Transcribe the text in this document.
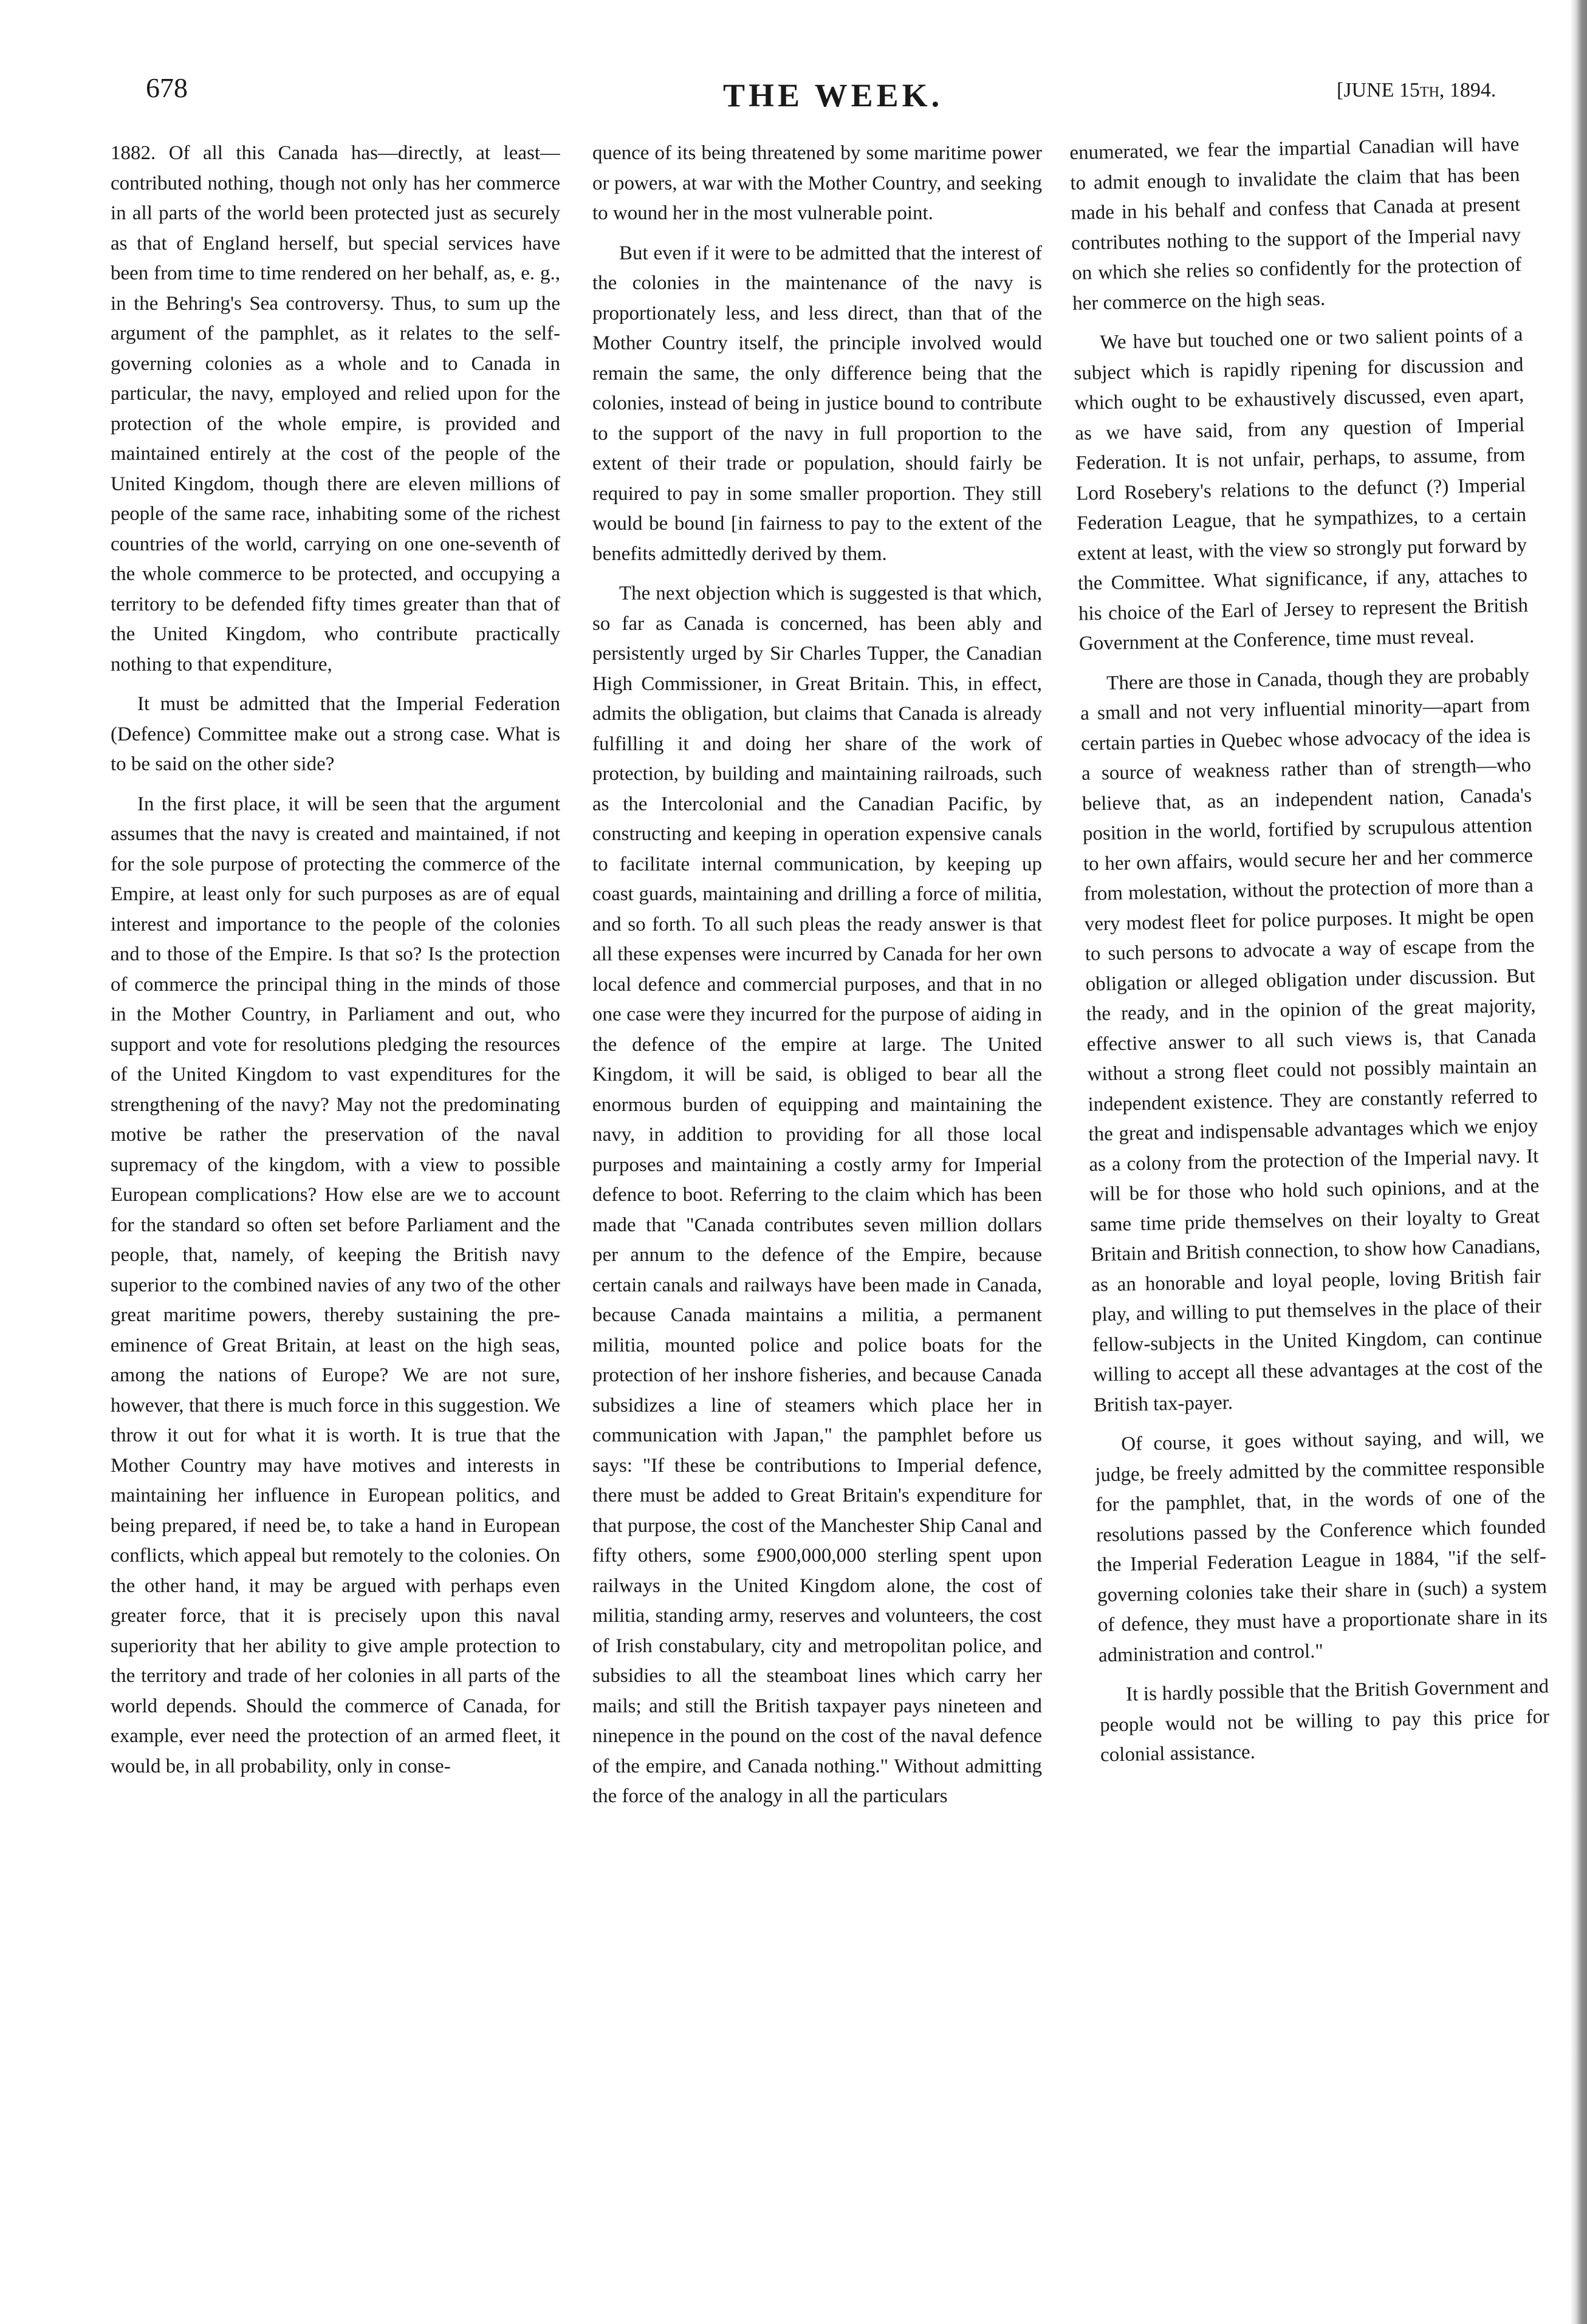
678	THE WEEK.	[JUNE 15th, 1894.

1882. Of all this Canada has—directly, at least—contributed nothing, though not only has her commerce in all parts of the world been protected just as securely as that of England herself, but special services have been from time to time rendered on her behalf, as, e. g., in the Behring's Sea controversy. Thus, to sum up the argument of the pamphlet, as it relates to the self-governing colonies as a whole and to Canada in particular, the navy, employed and relied upon for the protection of the whole empire, is provided and maintained entirely at the cost of the people of the United Kingdom, though there are eleven millions of people of the same race, inhabiting some of the richest countries of the world, carrying on one one-seventh of the whole commerce to be protected, and occupying a territory to be defended fifty times greater than that of the United Kingdom, who contribute practically nothing to that expenditure,

It must be admitted that the Imperial Federation (Defence) Committee make out a strong case. What is to be said on the other side?

In the first place, it will be seen that the argument assumes that the navy is created and maintained, if not for the sole purpose of protecting the commerce of the Empire, at least only for such purposes as are of equal interest and importance to the people of the colonies and to those of the Empire. Is that so? Is the protection of commerce the principal thing in the minds of those in the Mother Country, in Parliament and out, who support and vote for resolutions pledging the resources of the United Kingdom to vast expenditures for the strengthening of the navy? May not the predominating motive be rather the preservation of the naval supremacy of the kingdom, with a view to possible European complications? How else are we to account for the standard so often set before Parliament and the people, that, namely, of keeping the British navy superior to the combined navies of any two of the other great maritime powers, thereby sustaining the pre-eminence of Great Britain, at least on the high seas, among the nations of Europe? We are not sure, however, that there is much force in this suggestion. We throw it out for what it is worth. It is true that the Mother Country may have motives and interests in maintaining her influence in European politics, and being prepared, if need be, to take a hand in European conflicts, which appeal but remotely to the colonies. On the other hand, it may be argued with perhaps even greater force, that it is precisely upon this naval superiority that her ability to give ample protection to the territory and trade of her colonies in all parts of the world depends. Should the commerce of Canada, for example, ever need the protection of an armed fleet, it would be, in all probability, only in conse-

quence of its being threatened by some maritime power or powers, at war with the Mother Country, and seeking to wound her in the most vulnerable point.

But even if it were to be admitted that the interest of the colonies in the maintenance of the navy is proportionately less, and less direct, than that of the Mother Country itself, the principle involved would remain the same, the only difference being that the colonies, instead of being in justice bound to contribute to the support of the navy in full proportion to the extent of their trade or population, should fairly be required to pay in some smaller proportion. They still would be bound [in fairness to pay to the extent of the benefits admittedly derived by them.

The next objection which is suggested is that which, so far as Canada is concerned, has been ably and persistently urged by Sir Charles Tupper, the Canadian High Commissioner, in Great Britain. This, in effect, admits the obligation, but claims that Canada is already fulfilling it and doing her share of the work of protection, by building and maintaining railroads, such as the Intercolonial and the Canadian Pacific, by constructing and keeping in operation expensive canals to facilitate internal communication, by keeping up coast guards, maintaining and drilling a force of militia, and so forth. To all such pleas the ready answer is that all these expenses were incurred by Canada for her own local defence and commercial purposes, and that in no one case were they incurred for the purpose of aiding in the defence of the empire at large. The United Kingdom, it will be said, is obliged to bear all the enormous burden of equipping and maintaining the navy, in addition to providing for all those local purposes and maintaining a costly army for Imperial defence to boot. Referring to the claim which has been made that "Canada contributes seven million dollars per annum to the defence of the Empire, because certain canals and railways have been made in Canada, because Canada maintains a militia, a permanent militia, mounted police and police boats for the protection of her inshore fisheries, and because Canada subsidizes a line of steamers which place her in communication with Japan," the pamphlet before us says: "If these be contributions to Imperial defence, there must be added to Great Britain's expenditure for that purpose, the cost of the Manchester Ship Canal and fifty others, some £900,000,000 sterling spent upon railways in the United Kingdom alone, the cost of militia, standing army, reserves and volunteers, the cost of Irish constabulary, city and metropolitan police, and subsidies to all the steamboat lines which carry her mails; and still the British taxpayer pays nineteen and ninepence in the pound on the cost of the naval defence of the empire, and Canada nothing." Without admitting the force of the analogy in all the particulars

enumerated, we fear the impartial Canadian will have to admit enough to invalidate the claim that has been made in his behalf and confess that Canada at present contributes nothing to the support of the Imperial navy on which she relies so confidently for the protection of her commerce on the high seas.

We have but touched one or two salient points of a subject which is rapidly ripening for discussion and which ought to be exhaustively discussed, even apart, as we have said, from any question of Imperial Federation. It is not unfair, perhaps, to assume, from Lord Rosebery's relations to the defunct (?) Imperial Federation League, that he sympathizes, to a certain extent at least, with the view so strongly put forward by the Committee. What significance, if any, attaches to his choice of the Earl of Jersey to represent the British Government at the Conference, time must reveal.

There are those in Canada, though they are probably a small and not very influential minority—apart from certain parties in Quebec whose advocacy of the idea is a source of weakness rather than of strength—who believe that, as an independent nation, Canada's position in the world, fortified by scrupulous attention to her own affairs, would secure her and her commerce from molestation, without the protection of more than a very modest fleet for police purposes. It might be open to such persons to advocate a way of escape from the obligation or alleged obligation under discussion. But the ready, and in the opinion of the great majority, effective answer to all such views is, that Canada without a strong fleet could not possibly maintain an independent existence. They are constantly referred to the great and indispensable advantages which we enjoy as a colony from the protection of the Imperial navy. It will be for those who hold such opinions, and at the same time pride themselves on their loyalty to Great Britain and British connection, to show how Canadians, as an honorable and loyal people, loving British fair play, and willing to put themselves in the place of their fellow-subjects in the United Kingdom, can continue willing to accept all these advantages at the cost of the British tax-payer.

Of course, it goes without saying, and will, we judge, be freely admitted by the committee responsible for the pamphlet, that, in the words of one of the resolutions passed by the Conference which founded the Imperial Federation League in 1884, "if the self-governing colonies take their share in (such) a system of defence, they must have a proportionate share in its administration and control."

It is hardly possible that the British Government and people would not be willing to pay this price for colonial assistance.
